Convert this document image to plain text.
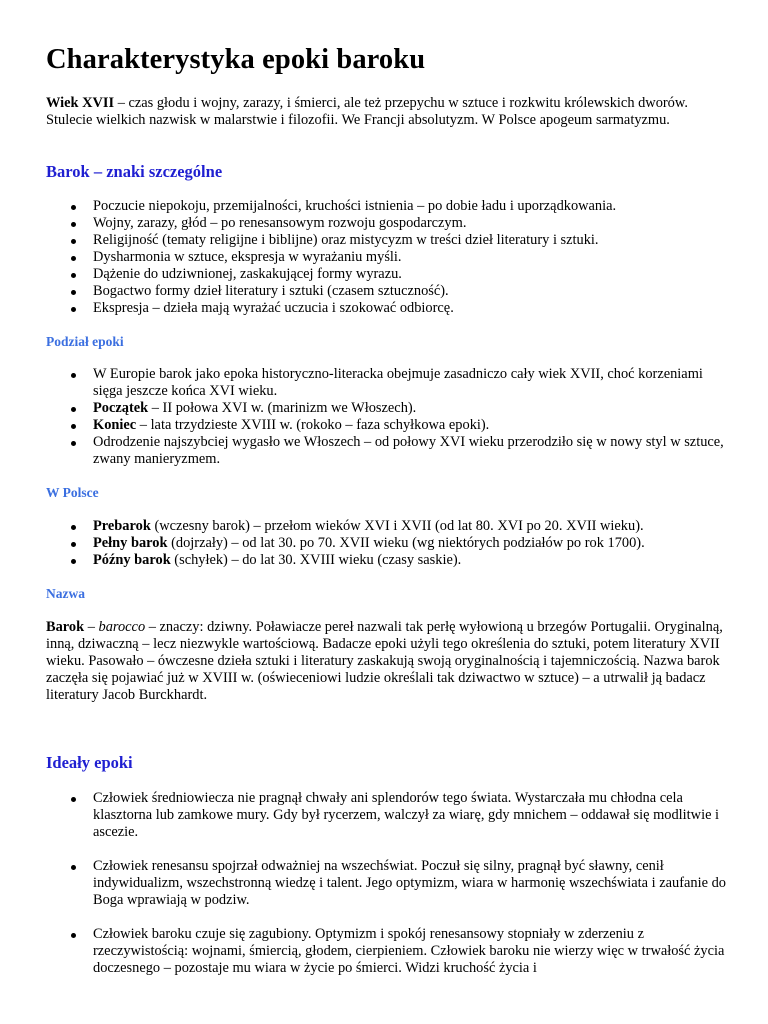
Charakterystyka epoki baroku

Wiek XVII – czas głodu i wojny, zarazy, i śmierci, ale też przepychu w sztuce i rozkwitu królewskich dworów. Stulecie wielkich nazwisk w malarstwie i filozofii. We Francji absolutyzm. W Polsce apogeum sarmatyzmu.

Barok – znaki szczególne
Poczucie niepokoju, przemijalności, kruchości istnienia – po dobie ładu i uporządkowania.
Wojny, zarazy, głód – po renesansowym rozwoju gospodarczym.
Religijność (tematy religijne i biblijne) oraz mistycyzm w treści dzieł literatury i sztuki.
Dysharmonia w sztuce, ekspresja w wyrażaniu myśli.
Dążenie do udziwnionej, zaskakującej formy wyrazu.
Bogactwo formy dzieł literatury i sztuki (czasem sztuczność).
Ekspresja – dzieła mają wyrażać uczucia i szokować odbiorcę.
Podział epoki
W Europie barok jako epoka historyczno-literacka obejmuje zasadniczo cały wiek XVII, choć korzeniami sięga jeszcze końca XVI wieku.
Początek – II połowa XVI w. (marinizm we Włoszech).
Koniec – lata trzydzieste XVIII w. (rokoko – faza schyłkowa epoki).
Odrodzenie najszybciej wygasło we Włoszech – od połowy XVI wieku przerodziło się w nowy styl w sztuce, zwany manieryzmem.
W Polsce
Prebarok (wczesny barok) – przełom wieków XVI i XVII (od lat 80. XVI po 20. XVII wieku).
Pełny barok (dojrzały) – od lat 30. po 70. XVII wieku (wg niektórych podziałów po rok 1700).
Późny barok (schyłek) – do lat 30. XVIII wieku (czasy saskie).
Nazwa

Barok – barocco – znaczy: dziwny. Poławiacze pereł nazwali tak perłę wyłowioną u brzegów Portugalii. Oryginalną, inną, dziwaczną – lecz niezwykle wartościową. Badacze epoki użyli tego określenia do sztuki, potem literatury XVII wieku. Pasowało – ówczesne dzieła sztuki i literatury zaskakują swoją oryginalnością i tajemniczością. Nazwa barok zaczęła się pojawiać już w XVIII w. (oświeceniowi ludzie określali tak dziwactwo w sztuce) – a utrwalił ją badacz literatury Jacob Burckhardt.

Ideały epoki
Człowiek średniowiecza nie pragnął chwały ani splendorów tego świata. Wystarczała mu chłodna cela klasztorna lub zamkowe mury. Gdy był rycerzem, walczył za wiarę, gdy mnichem – oddawał się modlitwie i ascezie.
Człowiek renesansu spojrzał odważniej na wszechświat. Poczuł się silny, pragnął być sławny, cenił indywidualizm, wszechstronną wiedzę i talent. Jego optymizm, wiara w harmonię wszechświata i zaufanie do Boga wprawiają w podziw.
Człowiek baroku czuje się zagubiony. Optymizm i spokój renesansowy stopniały w zderzeniu z rzeczywistością: wojnami, śmiercią, głodem, cierpieniem. Człowiek baroku nie wierzy więc w trwałość życia doczesnego – pozostaje mu wiara w życie po śmierci. Widzi kruchość życia i
